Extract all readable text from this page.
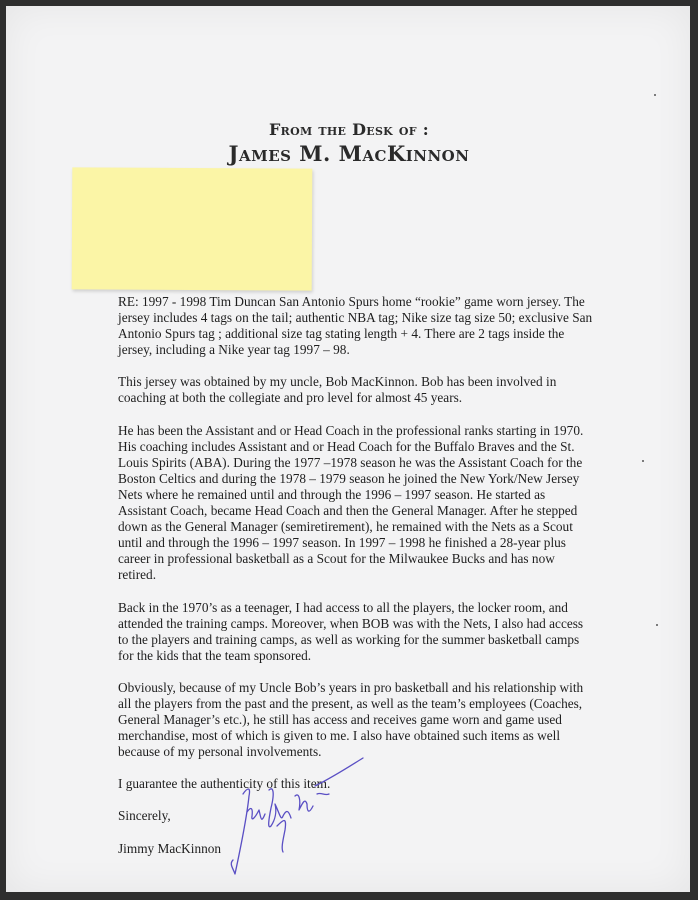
From the Desk of :
James M. MacKinnon

RE: 1997 - 1998 Tim Duncan San Antonio Spurs home “rookie” game worn jersey. The jersey includes 4 tags on the tail; authentic NBA tag; Nike size tag size 50; exclusive San Antonio Spurs tag ; additional size tag stating length + 4. There are 2 tags inside the jersey, including a Nike year tag 1997 – 98.

This jersey was obtained by my uncle, Bob MacKinnon. Bob has been involved in coaching at both the collegiate and pro level for almost 45 years.

He has been the Assistant and or Head Coach in the professional ranks starting in 1970. His coaching includes Assistant and or Head Coach for the Buffalo Braves and the St. Louis Spirits (ABA). During the 1977 –1978 season he was the Assistant Coach for the Boston Celtics and during the 1978 – 1979 season he joined the New York/New Jersey Nets where he remained until and through the 1996 – 1997 season. He started as Assistant Coach, became Head Coach and then the General Manager. After he stepped down as the General Manager (semiretirement), he remained with the Nets as a Scout until and through the 1996 – 1997 season. In 1997 – 1998 he finished a 28-year plus career in professional basketball as a Scout for the Milwaukee Bucks and has now retired.

Back in the 1970’s as a teenager, I had access to all the players, the locker room, and attended the training camps. Moreover, when BOB was with the Nets, I also had access to the players and training camps, as well as working for the summer basketball camps for the kids that the team sponsored.

Obviously, because of my Uncle Bob’s years in pro basketball and his relationship with all the players from the past and the present, as well as the team’s employees (Coaches, General Manager’s etc.), he still has access and receives game worn and game used merchandise, most of which is given to me. I also have obtained such items as well because of my personal involvements.

I guarantee the authenticity of this item.

Sincerely,

Jimmy MacKinnon
